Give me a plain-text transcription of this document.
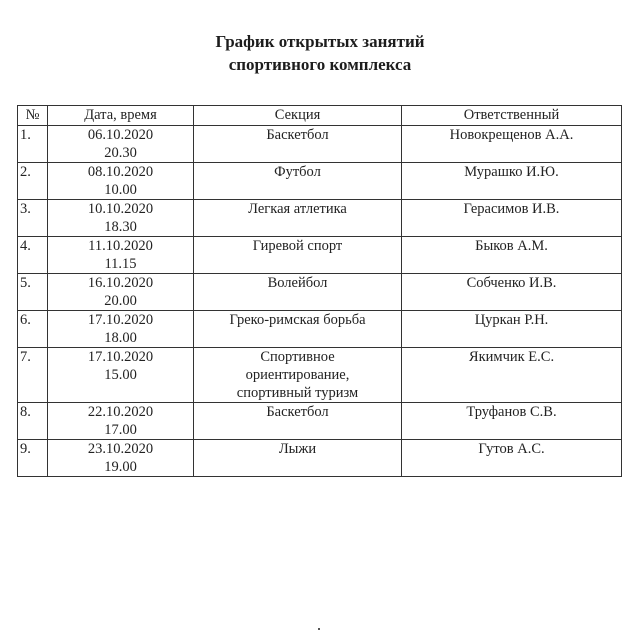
График открытых занятий
спортивного комплекса
№	Дата, время	Секция	Ответственный
1.	06.10.2020
20.30	Баскетбол	Новокрещенов А.А.
2.	08.10.2020
10.00	Футбол	Мурашко И.Ю.
3.	10.10.2020
18.30	Легкая атлетика	Герасимов И.В.
4.	11.10.2020
11.15	Гиревой спорт	Быков А.М.
5.	16.10.2020
20.00	Волейбол	Собченко И.В.
6.	17.10.2020
18.00	Греко-римская борьба	Цуркан Р.Н.
7.	17.10.2020
15.00	Спортивное
ориентирование,
спортивный туризм	Якимчик Е.С.
8.	22.10.2020
17.00	Баскетбол	Труфанов С.В.
9.	23.10.2020
19.00	Лыжи	Гутов А.С.
